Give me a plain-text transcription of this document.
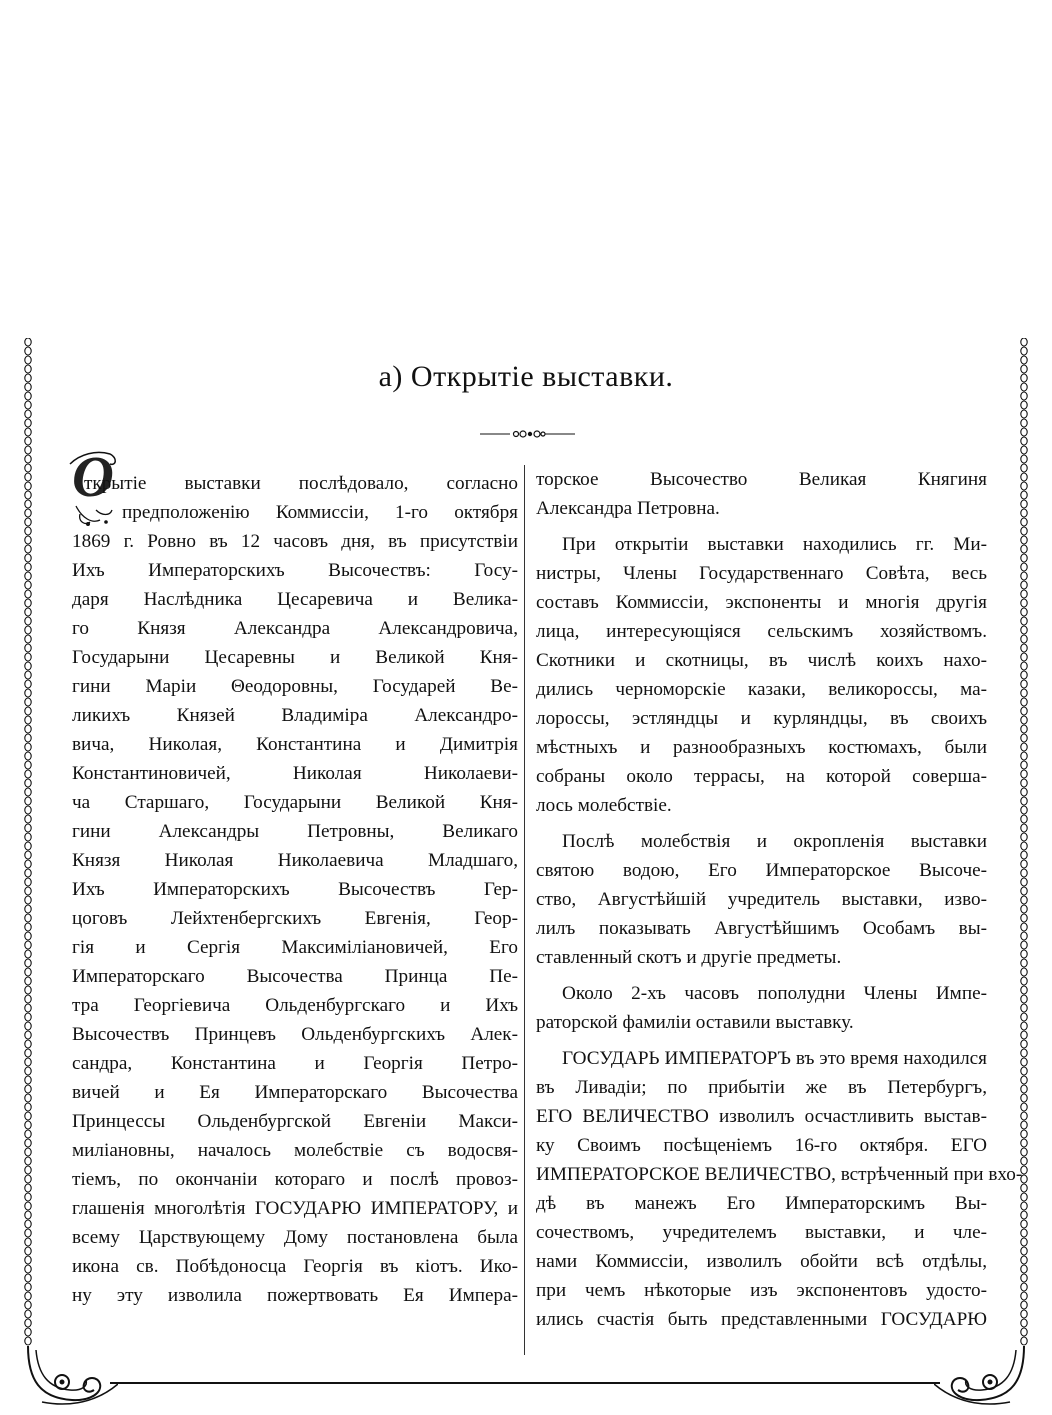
а) Открытіе выставки.
О
ткрытіе выставки послѣдовало, согласно
предположенію Коммиссіи, 1-го октября
1869 г. Ровно въ 12 часовъ дня, въ присутствіи
Ихъ Императорскихъ Высочествъ: Госу-
даря Наслѣдника Цесаревича и Велика-
го Князя Александра Александровича,
Государыни Цесаревны и Великой Кня-
гини Маріи Θеодоровны, Государей Ве-
ликихъ Князей Владиміра Александро-
вича, Николая, Константина и Димитрія
Константиновичей, Николая Николаеви-
ча Старшаго, Государыни Великой Кня-
гини Александры Петровны, Великаго
Князя Николая Николаевича Младшаго,
Ихъ Императорскихъ Высочествъ Гер-
цоговъ Лейхтенбергскихъ Евгенія, Геор-
гія и Сергія Максиміліановичей, Его
Императорскаго Высочества Принца Пе-
тра Георгіевича Ольденбургскаго и Ихъ
Высочествъ Принцевъ Ольденбургскихъ Алек-
сандра, Константина и Георгія Петро-
вичей и Ея Императорскаго Высочества
Принцессы Ольденбургской Евгеніи Макси-
миліановны, началось молебствіе съ водосвя-
тіемъ, по окончаніи котораго и послѣ провоз-
глашенія многолѣтія ГОСУДАРЮ ИМПЕРАТОРУ, и
всему Царствующему Дому постановлена была
икона св. Побѣдоносца Георгія въ кіотъ. Ико-
ну эту изволила пожертвовать Ея Импера-
торское Высочество Великая Княгиня
Александра Петровна.
При открытіи выставки находились гг. Ми-
нистры, Члены Государственнаго Совѣта, весь
составъ Коммиссіи, экспоненты и многія другія
лица, интересующіяся сельскимъ хозяйствомъ.
Скотники и скотницы, въ числѣ коихъ нахо-
дились черноморскіе казаки, великороссы, ма-
лороссы, эстляндцы и курляндцы, въ своихъ
мѣстныхъ и разнообразныхъ костюмахъ, были
собраны около террасы, на которой соверша-
лось молебствіе.
Послѣ молебствія и окропленія выставки
святою водою, Его Императорское Высоче-
ство, Августѣйшій учредитель выставки, изво-
лилъ показывать Августѣйшимъ Особамъ вы-
ставленный скотъ и другіе предметы.
Около 2-хъ часовъ пополудни Члены Импе-
раторской фамиліи оставили выставку.
ГОСУДАРЬ ИМПЕРАТОРЪ въ это время находился
въ Ливадіи; по прибытіи же въ Петербургъ,
ЕГО ВЕЛИЧЕСТВО изволилъ осчастливить выстав-
ку Своимъ посѣщеніемъ 16-го октября. ЕГО
ИМПЕРАТОРСКОЕ ВЕЛИЧЕСТВО, встрѣченный при вхо-
дѣ въ манежъ Его Императорскимъ Вы-
сочествомъ, учредителемъ выставки, и чле-
нами Коммиссіи, изволилъ обойти всѣ отдѣлы,
при чемъ нѣкоторые изъ экспонентовъ удосто-
ились счастія быть представленными ГОСУДАРЮ
